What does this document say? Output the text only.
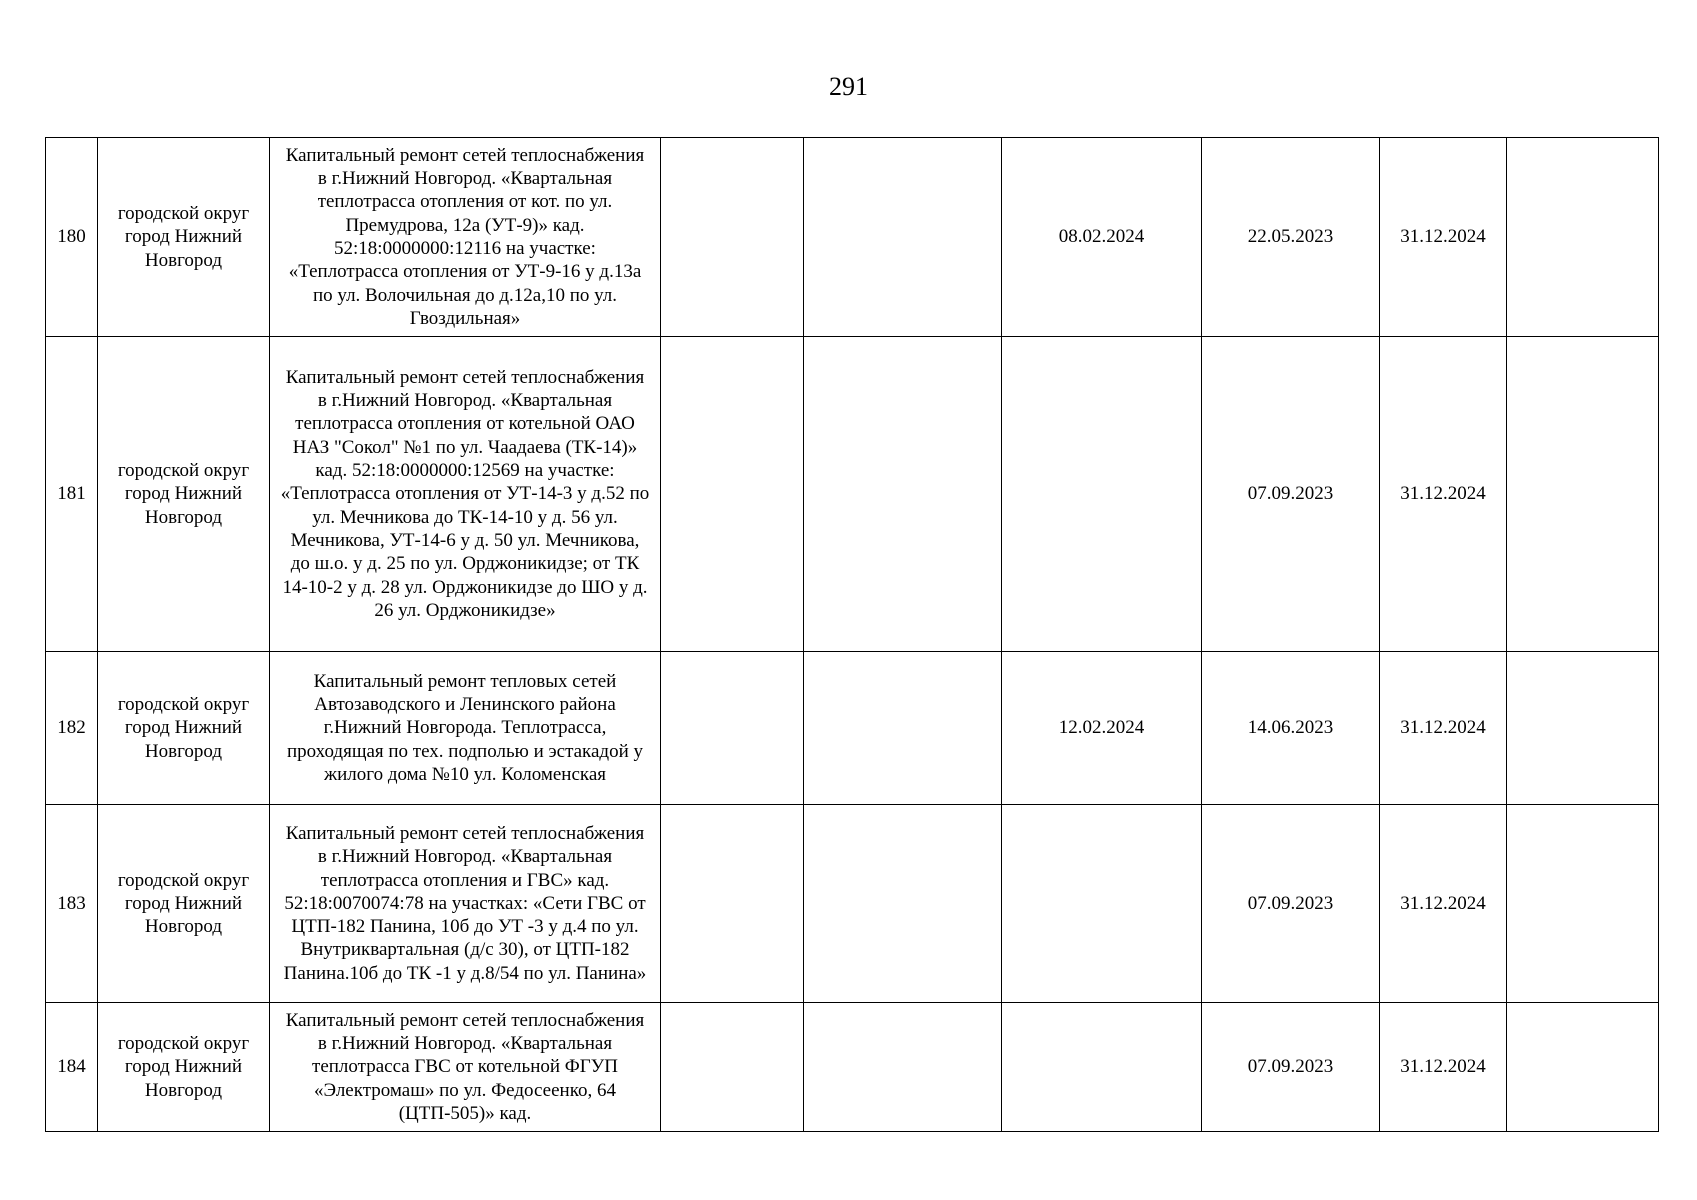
291
180	городской округ город Нижний Новгород	Капитальный ремонт сетей теплоснабжения в г.Нижний Новгород. «Квартальная теплотрасса отопления от кот. по ул. Премудрова, 12а (УТ-9)» кад. 52:18:0000000:12116 на участке: «Теплотрасса отопления от УТ-9-16 у д.13а по ул. Волочильная до д.12а,10 по ул. Гвоздильная»			08.02.2024	22.05.2023	31.12.2024	
181	городской округ город Нижний Новгород	Капитальный ремонт сетей теплоснабжения в г.Нижний Новгород. «Квартальная теплотрасса отопления от котельной ОАО НАЗ "Сокол" №1 по ул. Чаадаева (ТК-14)» кад. 52:18:0000000:12569 на участке: «Теплотрасса отопления от УТ-14-3 у д.52 по ул. Мечникова до ТК-14-10 у д. 56 ул. Мечникова, УТ-14-6 у д. 50 ул. Мечникова, до ш.о. у д. 25 по ул. Орджоникидзе; от ТК 14-10-2 у д. 28 ул. Орджоникидзе до ШО у д. 26 ул. Орджоникидзе»				07.09.2023	31.12.2024	
182	городской округ город Нижний Новгород	Капитальный ремонт тепловых сетей Автозаводского и Ленинского района г.Нижний Новгорода. Теплотрасса, проходящая по тех. подполью и эстакадой у жилого дома №10 ул. Коломенская			12.02.2024	14.06.2023	31.12.2024	
183	городской округ город Нижний Новгород	Капитальный ремонт сетей теплоснабжения в г.Нижний Новгород. «Квартальная теплотрасса отопления и ГВС» кад. 52:18:0070074:78 на участках: «Сети ГВС от ЦТП-182 Панина, 10б до УТ -3 у д.4 по ул. Внутриквартальная (д/с 30), от ЦТП-182 Панина.10б до ТК -1 у д.8/54 по ул. Панина»				07.09.2023	31.12.2024	
184	городской округ город Нижний Новгород	Капитальный ремонт сетей теплоснабжения в г.Нижний Новгород. «Квартальная теплотрасса ГВС от котельной ФГУП «Электромаш» по ул. Федосеенко, 64 (ЦТП-505)» кад.				07.09.2023	31.12.2024	
